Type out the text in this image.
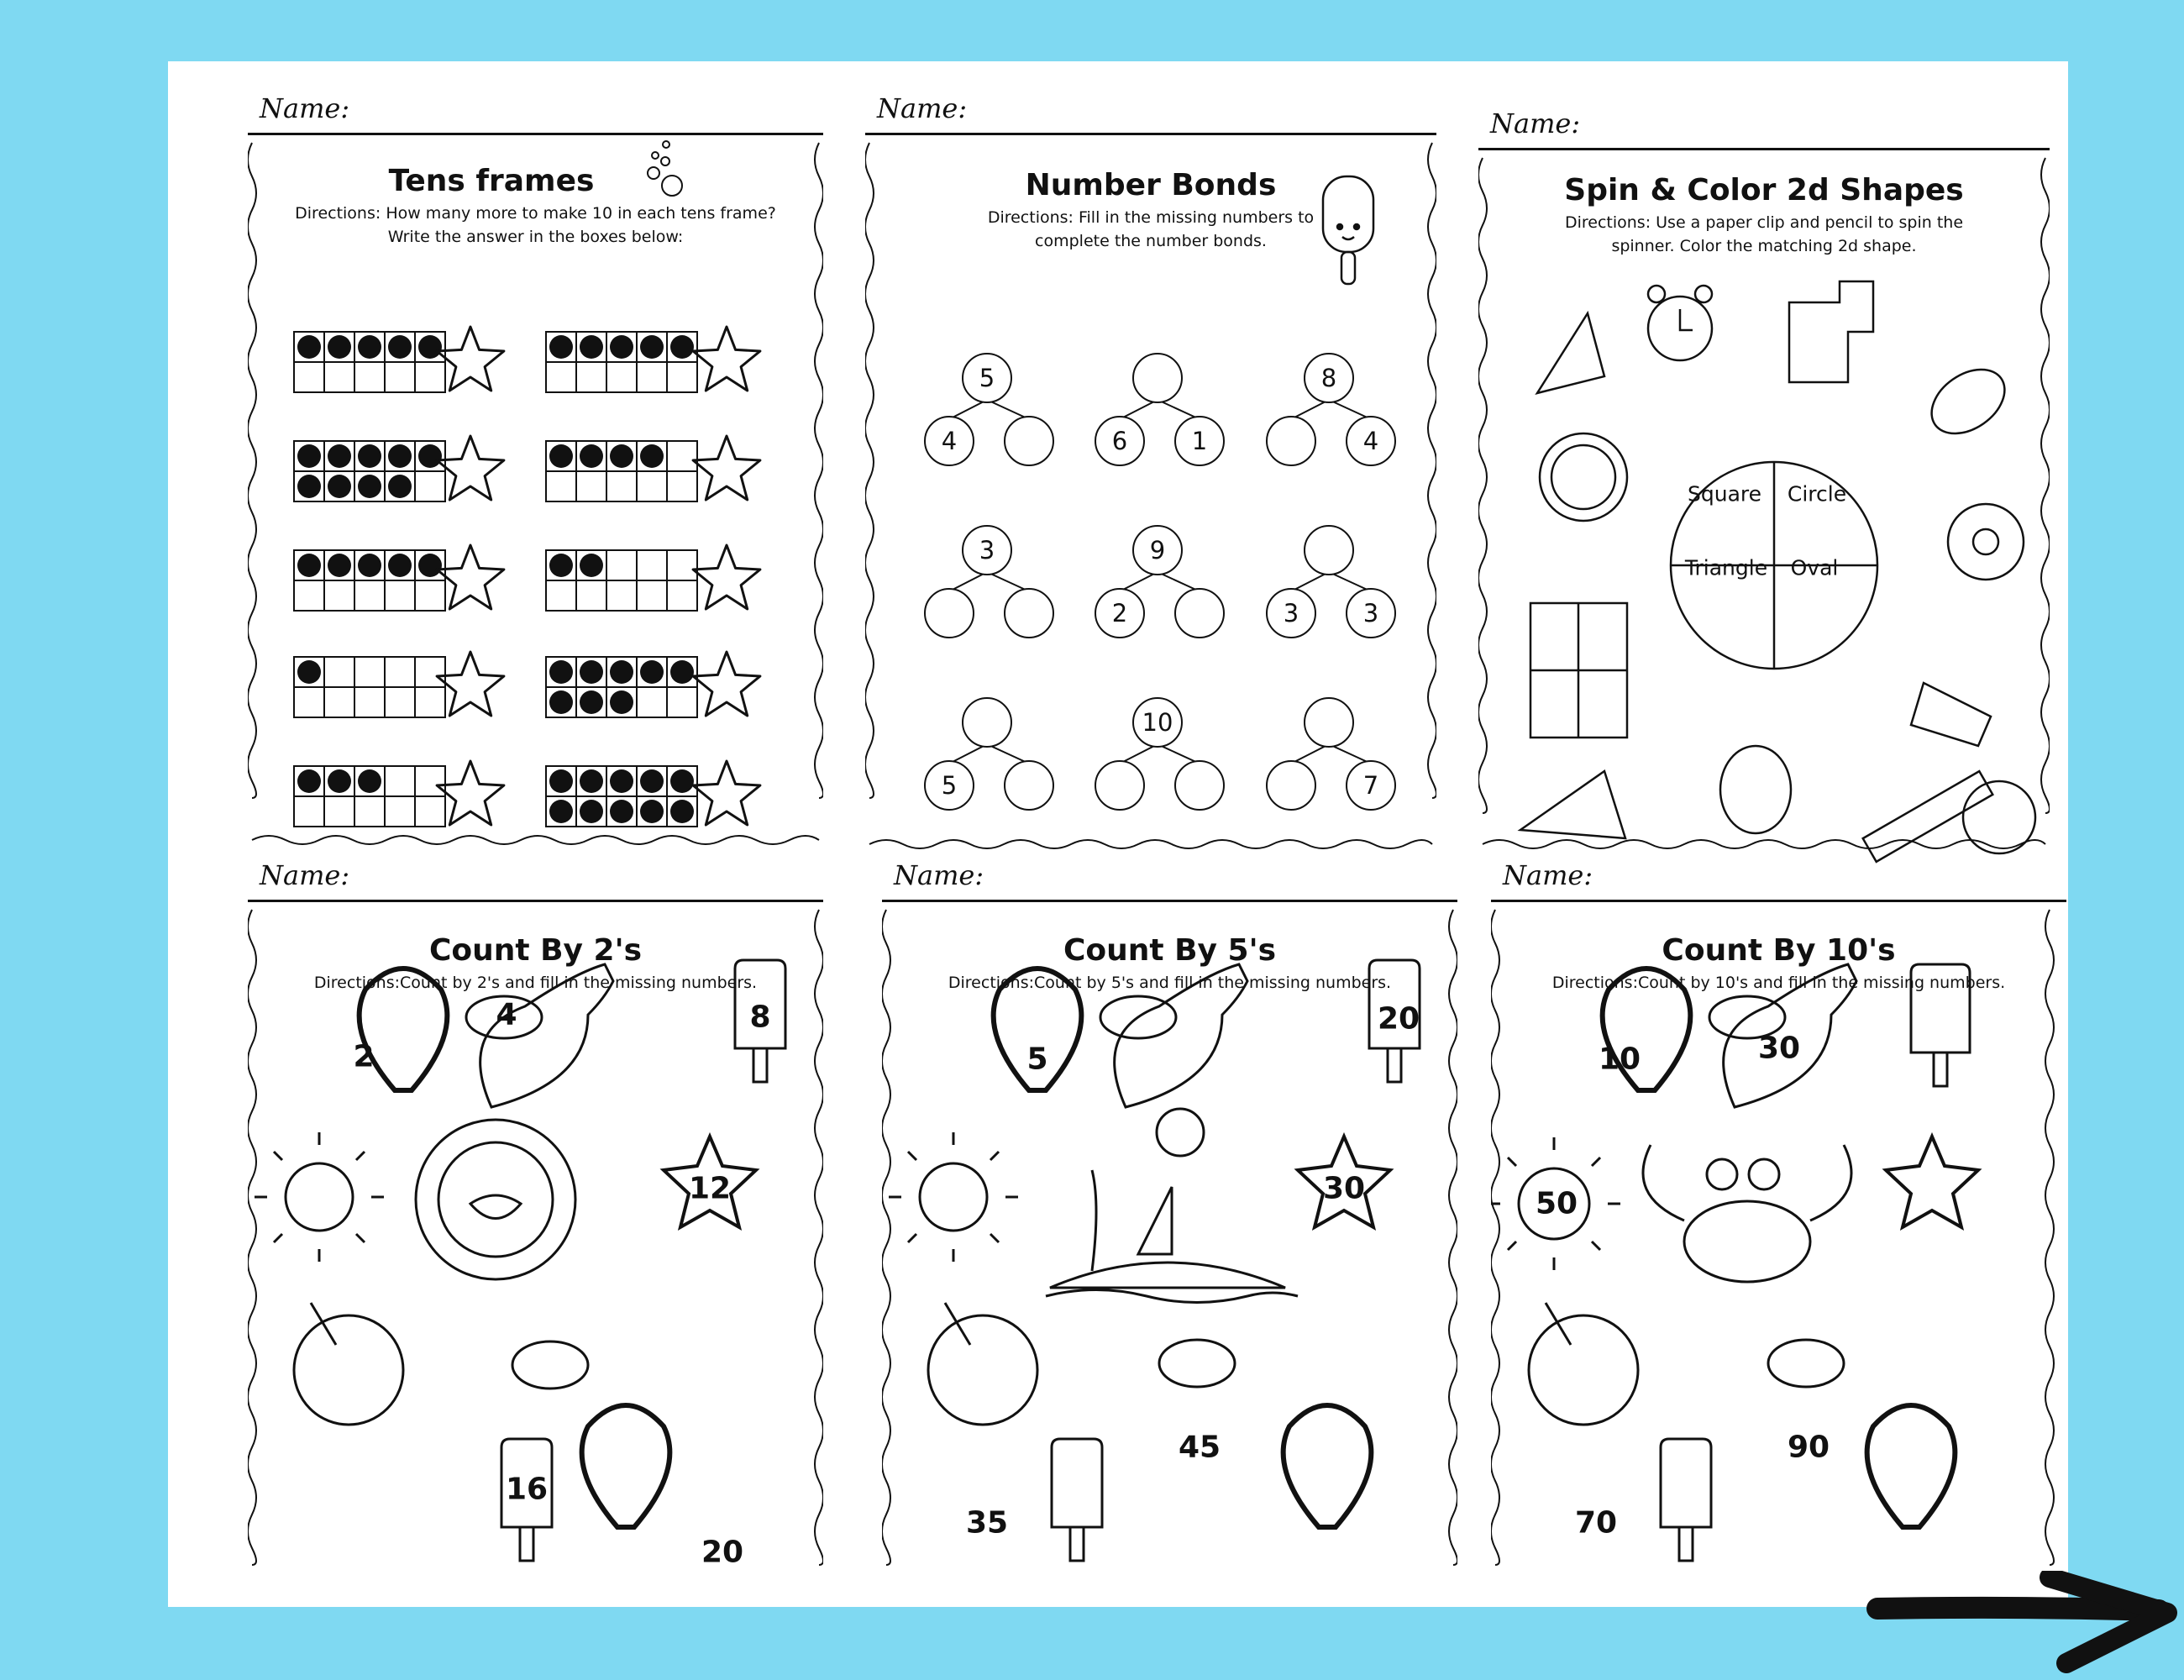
Name:
Tens frames
Directions: How many more to make 10 in each tens frame? Write the answer in the boxes below:
Name:
Number Bonds
Directions: Fill in the missing numbers to complete the number bonds.
5
4	6	1
8
4
3	9
2	3	3
5
10
7
Name:
Spin & Color 2d Shapes
Directions: Use a paper clip and pencil to spin the spinner. Color the matching 2d shape.
Square Circle
Triangle Oval
Name:
Count By 2's
Directions:Count by 2's and fill in the missing numbers.
2
4	8
12
16
20
Name:
Count By 5's
Directions:Count by 5's and fill in the missing numbers.
5
20
30
35
45
Name:
Count By 10's
Directions:Count by 10's and fill in the missing numbers.
10	30
50
70
90
